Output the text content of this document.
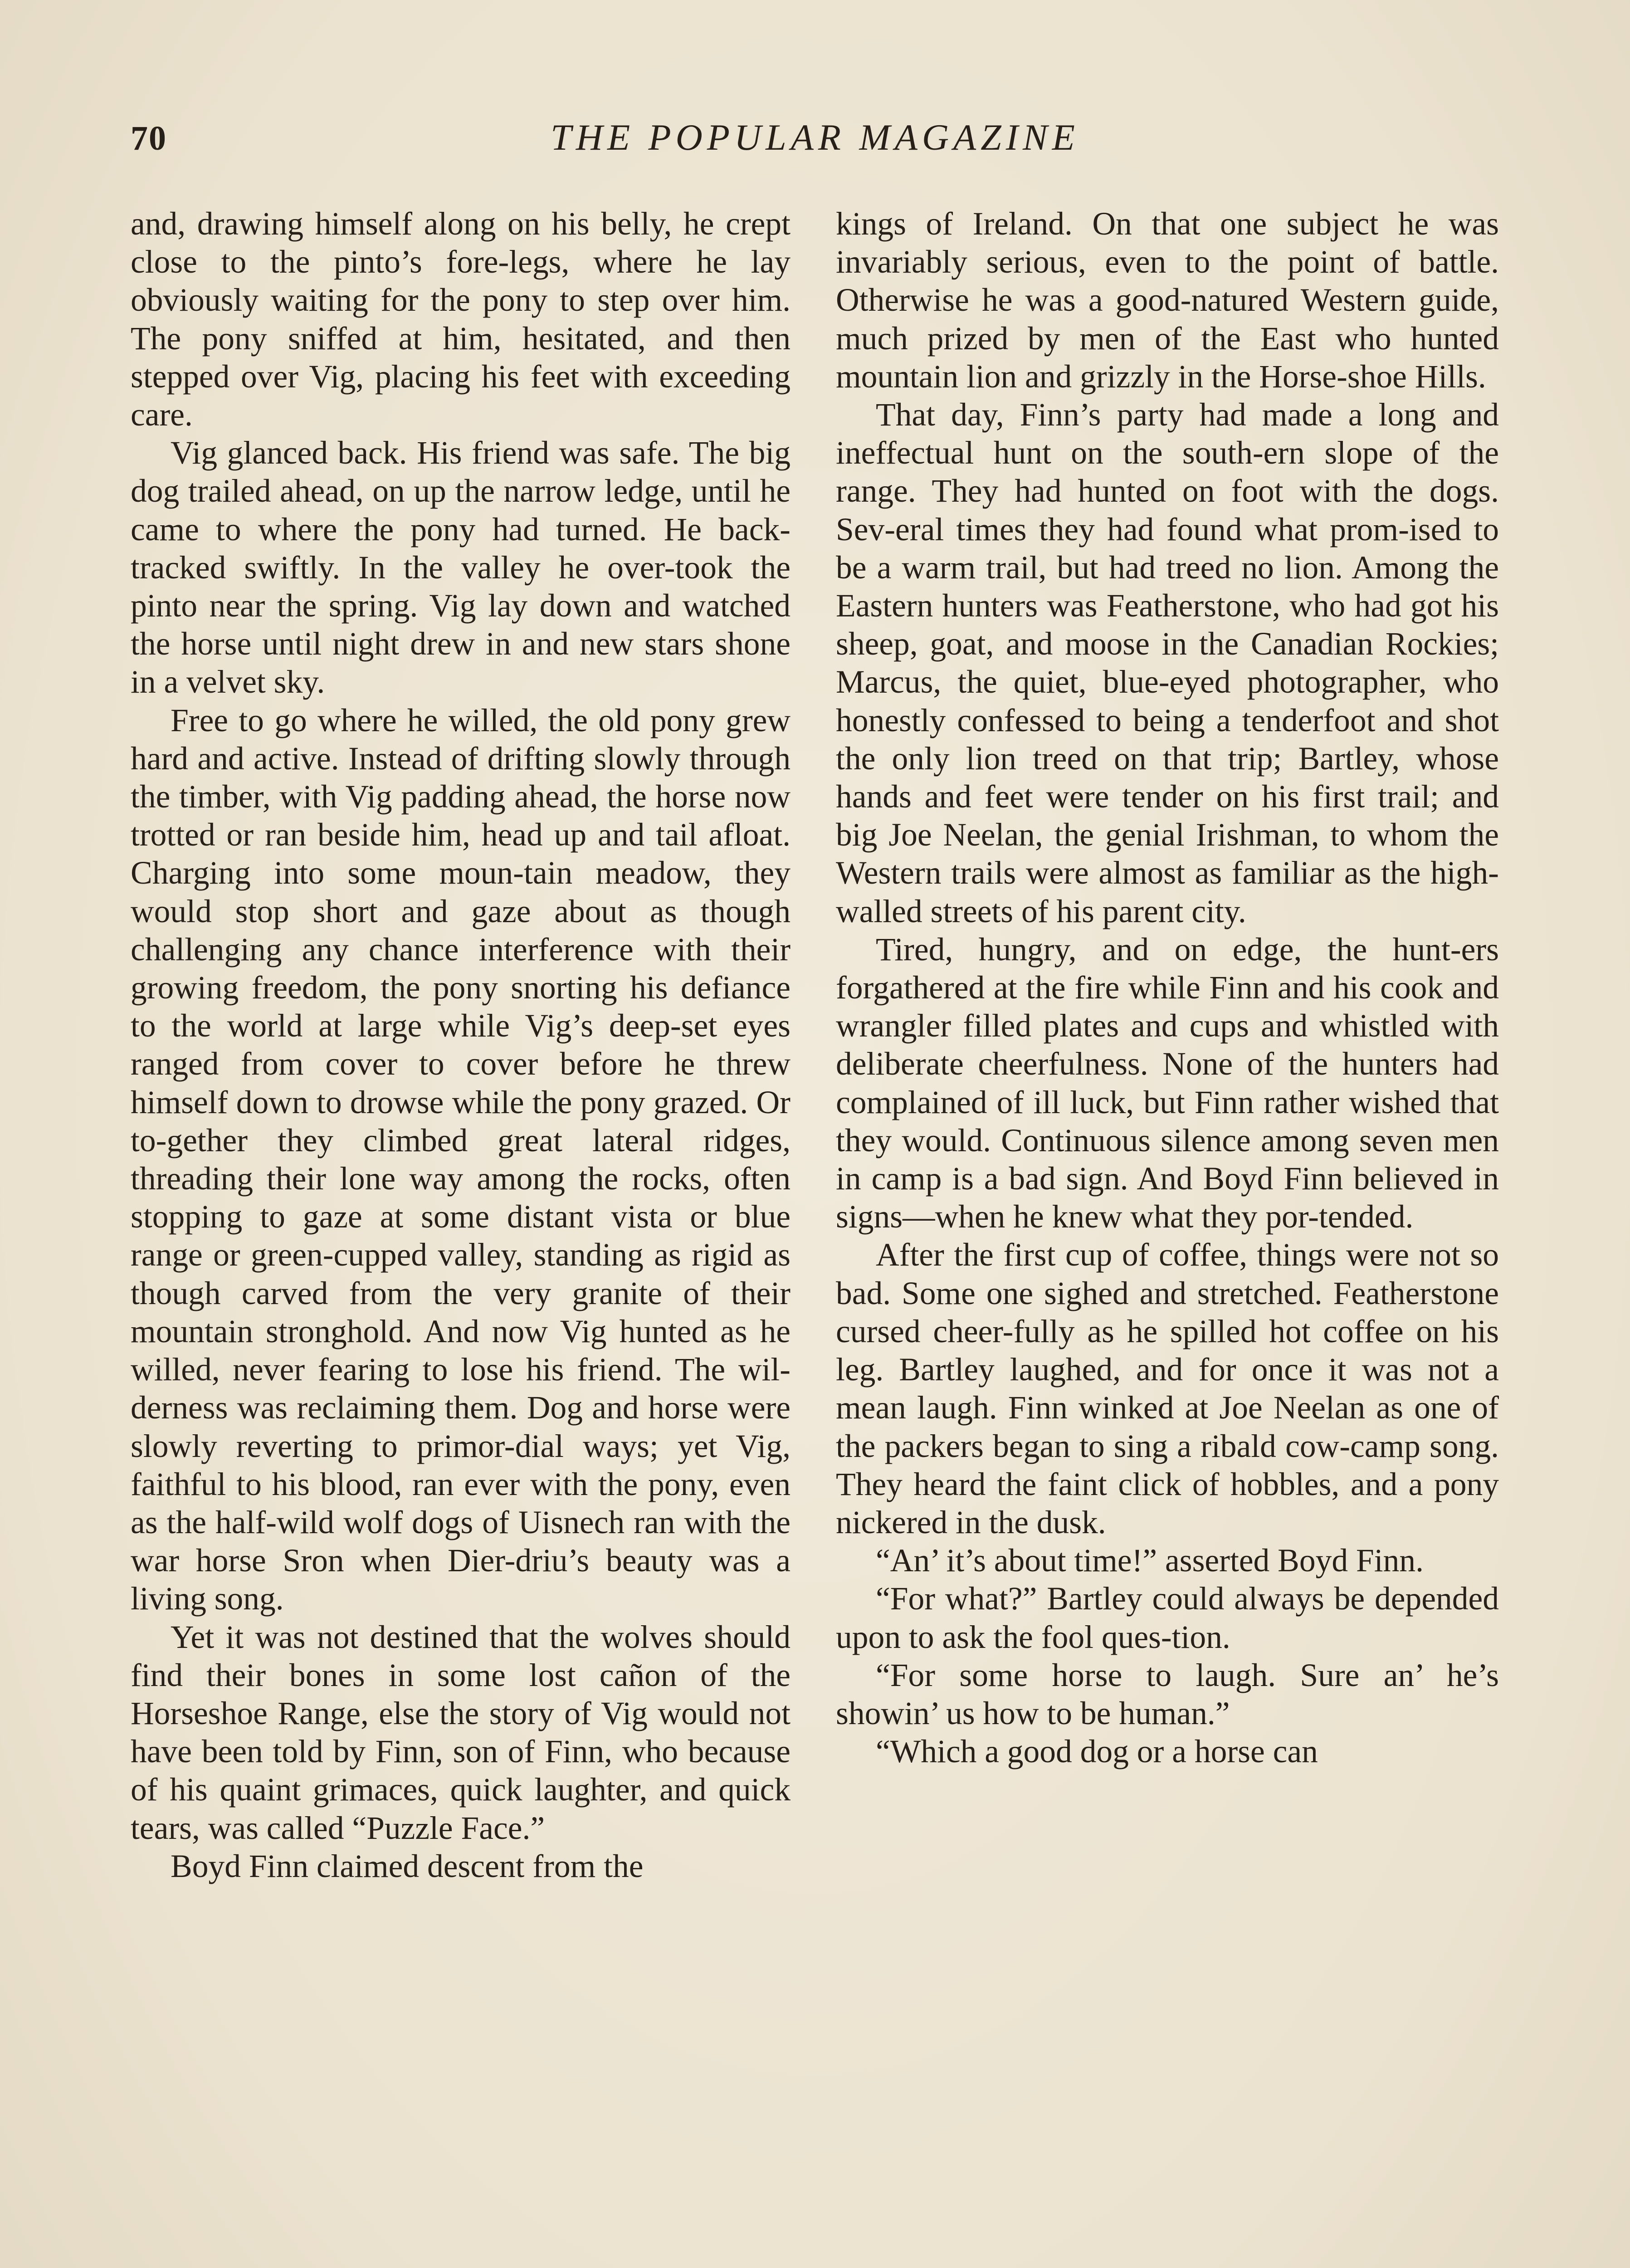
70	THE POPULAR MAGAZINE

and, drawing himself along on his belly, he crept close to the pinto’s fore-legs, where he lay obviously waiting for the pony to step over him. The pony sniffed at him, hesitated, and then stepped over Vig, placing his feet with exceeding care.

Vig glanced back. His friend was safe. The big dog trailed ahead, on up the narrow ledge, until he came to where the pony had turned. He back-tracked swiftly. In the valley he over-took the pinto near the spring. Vig lay down and watched the horse until night drew in and new stars shone in a velvet sky.

Free to go where he willed, the old pony grew hard and active. Instead of drifting slowly through the timber, with Vig padding ahead, the horse now trotted or ran beside him, head up and tail afloat. Charging into some moun-tain meadow, they would stop short and gaze about as though challenging any chance interference with their growing freedom, the pony snorting his defiance to the world at large while Vig’s deep-set eyes ranged from cover to cover before he threw himself down to drowse while the pony grazed. Or to-gether they climbed great lateral ridges, threading their lone way among the rocks, often stopping to gaze at some distant vista or blue range or green-cupped valley, standing as rigid as though carved from the very granite of their mountain stronghold. And now Vig hunted as he willed, never fearing to lose his friend. The wil-derness was reclaiming them. Dog and horse were slowly reverting to primor-dial ways; yet Vig, faithful to his blood, ran ever with the pony, even as the half-wild wolf dogs of Uisnech ran with the war horse Sron when Dier-driu’s beauty was a living song.

Yet it was not destined that the wolves should find their bones in some lost cañon of the Horseshoe Range, else the story of Vig would not have been told by Finn, son of Finn, who because of his quaint grimaces, quick laughter, and quick tears, was called “Puzzle Face.”

Boyd Finn claimed descent from the

kings of Ireland. On that one subject he was invariably serious, even to the point of battle. Otherwise he was a good-natured Western guide, much prized by men of the East who hunted mountain lion and grizzly in the Horse-shoe Hills.

That day, Finn’s party had made a long and ineffectual hunt on the south-ern slope of the range. They had hunted on foot with the dogs. Sev-eral times they had found what prom-ised to be a warm trail, but had treed no lion. Among the Eastern hunters was Featherstone, who had got his sheep, goat, and moose in the Canadian Rockies; Marcus, the quiet, blue-eyed photographer, who honestly confessed to being a tenderfoot and shot the only lion treed on that trip; Bartley, whose hands and feet were tender on his first trail; and big Joe Neelan, the genial Irishman, to whom the Western trails were almost as familiar as the high-walled streets of his parent city.

Tired, hungry, and on edge, the hunt-ers forgathered at the fire while Finn and his cook and wrangler filled plates and cups and whistled with deliberate cheerfulness. None of the hunters had complained of ill luck, but Finn rather wished that they would. Continuous silence among seven men in camp is a bad sign. And Boyd Finn believed in signs—when he knew what they por-tended.

After the first cup of coffee, things were not so bad. Some one sighed and stretched. Featherstone cursed cheer-fully as he spilled hot coffee on his leg. Bartley laughed, and for once it was not a mean laugh. Finn winked at Joe Neelan as one of the packers began to sing a ribald cow-camp song. They heard the faint click of hobbles, and a pony nickered in the dusk.

“An’ it’s about time!” asserted Boyd Finn.

“For what?” Bartley could always be depended upon to ask the fool ques-tion.

“For some horse to laugh. Sure an’ he’s showin’ us how to be human.”

“Which a good dog or a horse can
